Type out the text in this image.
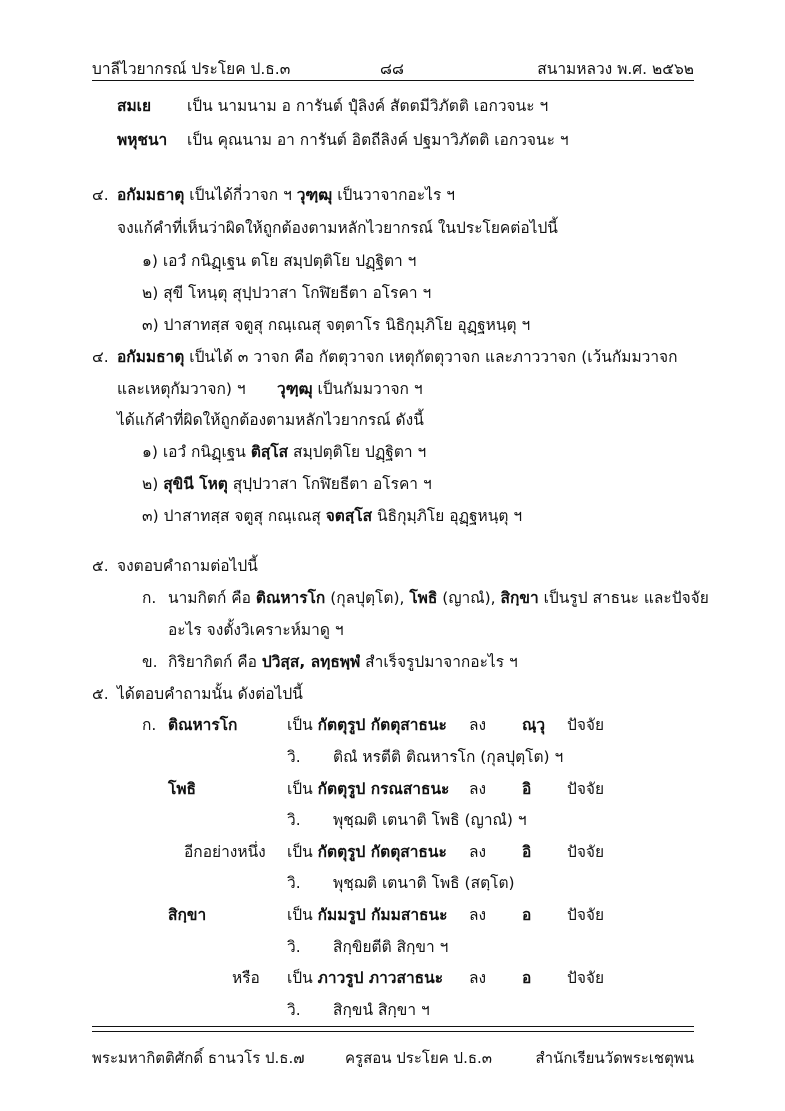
บาลีไวยากรณ์ ประโยค ป.ธ.๓	๘๘	สนามหลวง พ.ศ. ๒๕๖๒
สมเย เป็น นามนาม อ การันต์ ปุํลิงค์ สัตตมีวิภัตติ เอกวจนะ ฯ
พหุชนา เป็น คุณนาม อา การันต์ อิตถีลิงค์ ปฐมาวิภัตติ เอกวจนะ ฯ
๔. อกัมมธาตุ เป็นได้กี่วาจก ฯ วุฑฺฒุ เป็นวาจากอะไร ฯ
จงแก้คำที่เห็นว่าผิดให้ถูกต้องตามหลักไวยากรณ์ ในประโยคต่อไปนี้
๑) เอวํ กนิฏฺเฐน ตโย สมฺปตฺติโย ปฏฺฐิตา ฯ
๒) สุขี โหนฺตุ สุปฺปวาสา โกฬิยธีตา อโรคา ฯ
๓) ปาสาทสฺส จตูสุ กณฺเณสุ จตฺตาโร นิธิกุมฺภิโย อุฏฺฐหนฺตุ ฯ
๔. อกัมมธาตุ เป็นได้ ๓ วาจก คือ กัตตุวาจก เหตุกัตตุวาจก และภาววาจก (เว้นกัมมวาจก
และเหตุกัมวาจก) ฯ วุฑฺฒุ เป็นกัมมวาจก ฯ
ได้แก้คำที่ผิดให้ถูกต้องตามหลักไวยากรณ์ ดังนี้
๑) เอวํ กนิฏฺเฐน ติสฺโส สมฺปตฺติโย ปฏฺฐิตา ฯ
๒) สุขินี โหตุ สุปฺปวาสา โกฬิยธีตา อโรคา ฯ
๓) ปาสาทสฺส จตูสุ กณฺเณสุ จตสฺโส นิธิกุมฺภิโย อุฏฺฐหนฺตุ ฯ
๕. จงตอบคำถามต่อไปนี้
ก. นามกิตก์ คือ ติณหารโก (กุลปุตฺโต), โพธิ (ญาณํ), สิกฺขา เป็นรูป สาธนะ และปัจจัย
อะไร จงตั้งวิเคราะห์มาดู ฯ
ข. กิริยากิตก์ คือ ปวิสฺส, ลทฺธพฺพํ สำเร็จรูปมาจากอะไร ฯ
๕. ได้ตอบคำถามนั้น ดังต่อไปนี้
ก. ติณหารโก	เป็น กัตตุรูป กัตตุสาธนะ ลง ณฺวุ ปัจจัย
วิ. ติณํ หรตีติ ติณหารโก (กุลปุตฺโต) ฯ
โพธิ	เป็น กัตตุรูป กรณสาธนะ ลง อิ ปัจจัย
วิ. พุชฺฌติ เตนาติ โพธิ (ญาณํ) ฯ
อีกอย่างหนึ่ง เป็น กัตตุรูป กัตตุสาธนะ ลง อิ ปัจจัย
วิ. พุชฺฌติ เตนาติ โพธิ (สตฺโต)
สิกฺขา	เป็น กัมมรูป กัมมสาธนะ ลง อ ปัจจัย
วิ. สิกฺขิยตีติ สิกฺขา ฯ
หรือ เป็น ภาวรูป ภาวสาธนะ ลง อ ปัจจัย
วิ. สิกฺขนํ สิกฺขา ฯ
พระมหากิตติศักดิ์ ธานวโร ป.ธ.๗	ครูสอน ประโยค ป.ธ.๓	สำนักเรียนวัดพระเชตุพน
